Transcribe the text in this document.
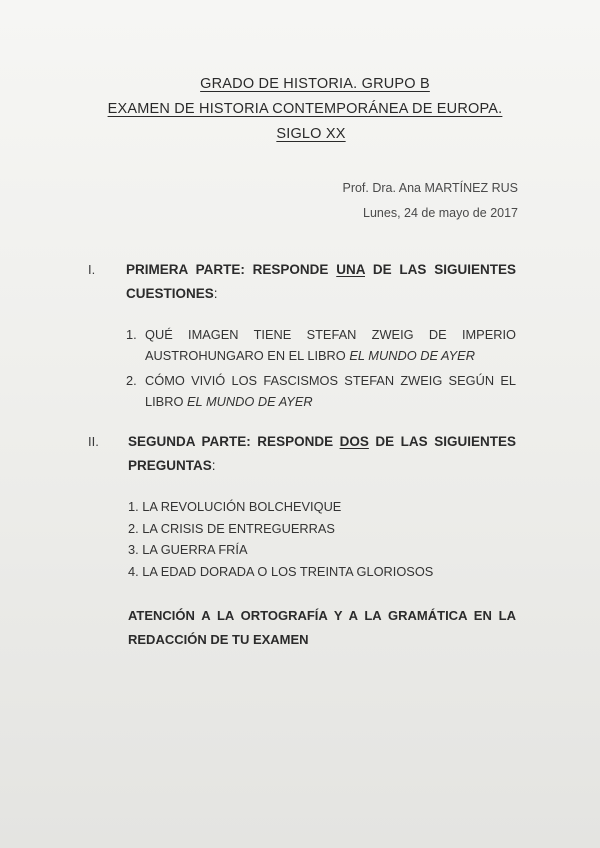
GRADO DE HISTORIA. GRUPO B

EXAMEN DE HISTORIA CONTEMPORÁNEA DE EUROPA.

SIGLO XX

Prof. Dra. Ana MARTÍNEZ RUS
Lunes, 24 de mayo de 2017
I. PRIMERA PARTE: RESPONDE UNA DE LAS SIGUIENTES CUESTIONES:
1. QUÉ IMAGEN TIENE STEFAN ZWEIG DE IMPERIO AUSTROHUNGARO EN EL LIBRO EL MUNDO DE AYER
2. CÓMO VIVIÓ LOS FASCISMOS STEFAN ZWEIG SEGÚN EL LIBRO EL MUNDO DE AYER
II. SEGUNDA PARTE: RESPONDE DOS DE LAS SIGUIENTES PREGUNTAS:
1. LA REVOLUCIÓN BOLCHEVIQUE
2. LA CRISIS DE ENTREGUERRAS
3. LA GUERRA FRÍA
4. LA EDAD DORADA O LOS TREINTA GLORIOSOS
ATENCIÓN A LA ORTOGRAFÍA Y A LA GRAMÁTICA EN LA REDACCIÓN DE TU EXAMEN
